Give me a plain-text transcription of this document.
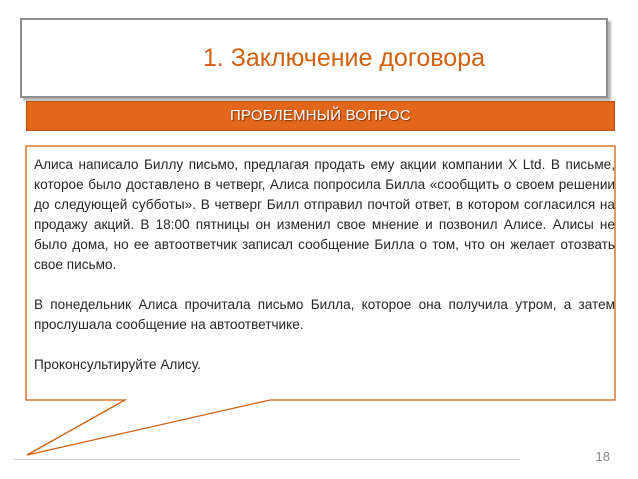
1. Заключение договора
ПРОБЛЕМНЫЙ ВОПРОС

Алиса написало Биллу письмо, предлагая продать ему акции компании X Ltd. В письме, которое было доставлено в четверг, Алиса попросила Билла «сообщить о своем решении до следующей субботы». В четверг Билл отправил почтой ответ, в котором согласился на продажу акций. В 18:00 пятницы он изменил свое мнение и позвонил Алисе. Алисы не было дома, но ее автоответчик записал сообщение Билла о том, что он желает отозвать свое письмо.

В понедельник Алиса прочитала письмо Билла, которое она получила утром, а затем прослушала сообщение на автоответчике.

Проконсультируйте Алису.

18
